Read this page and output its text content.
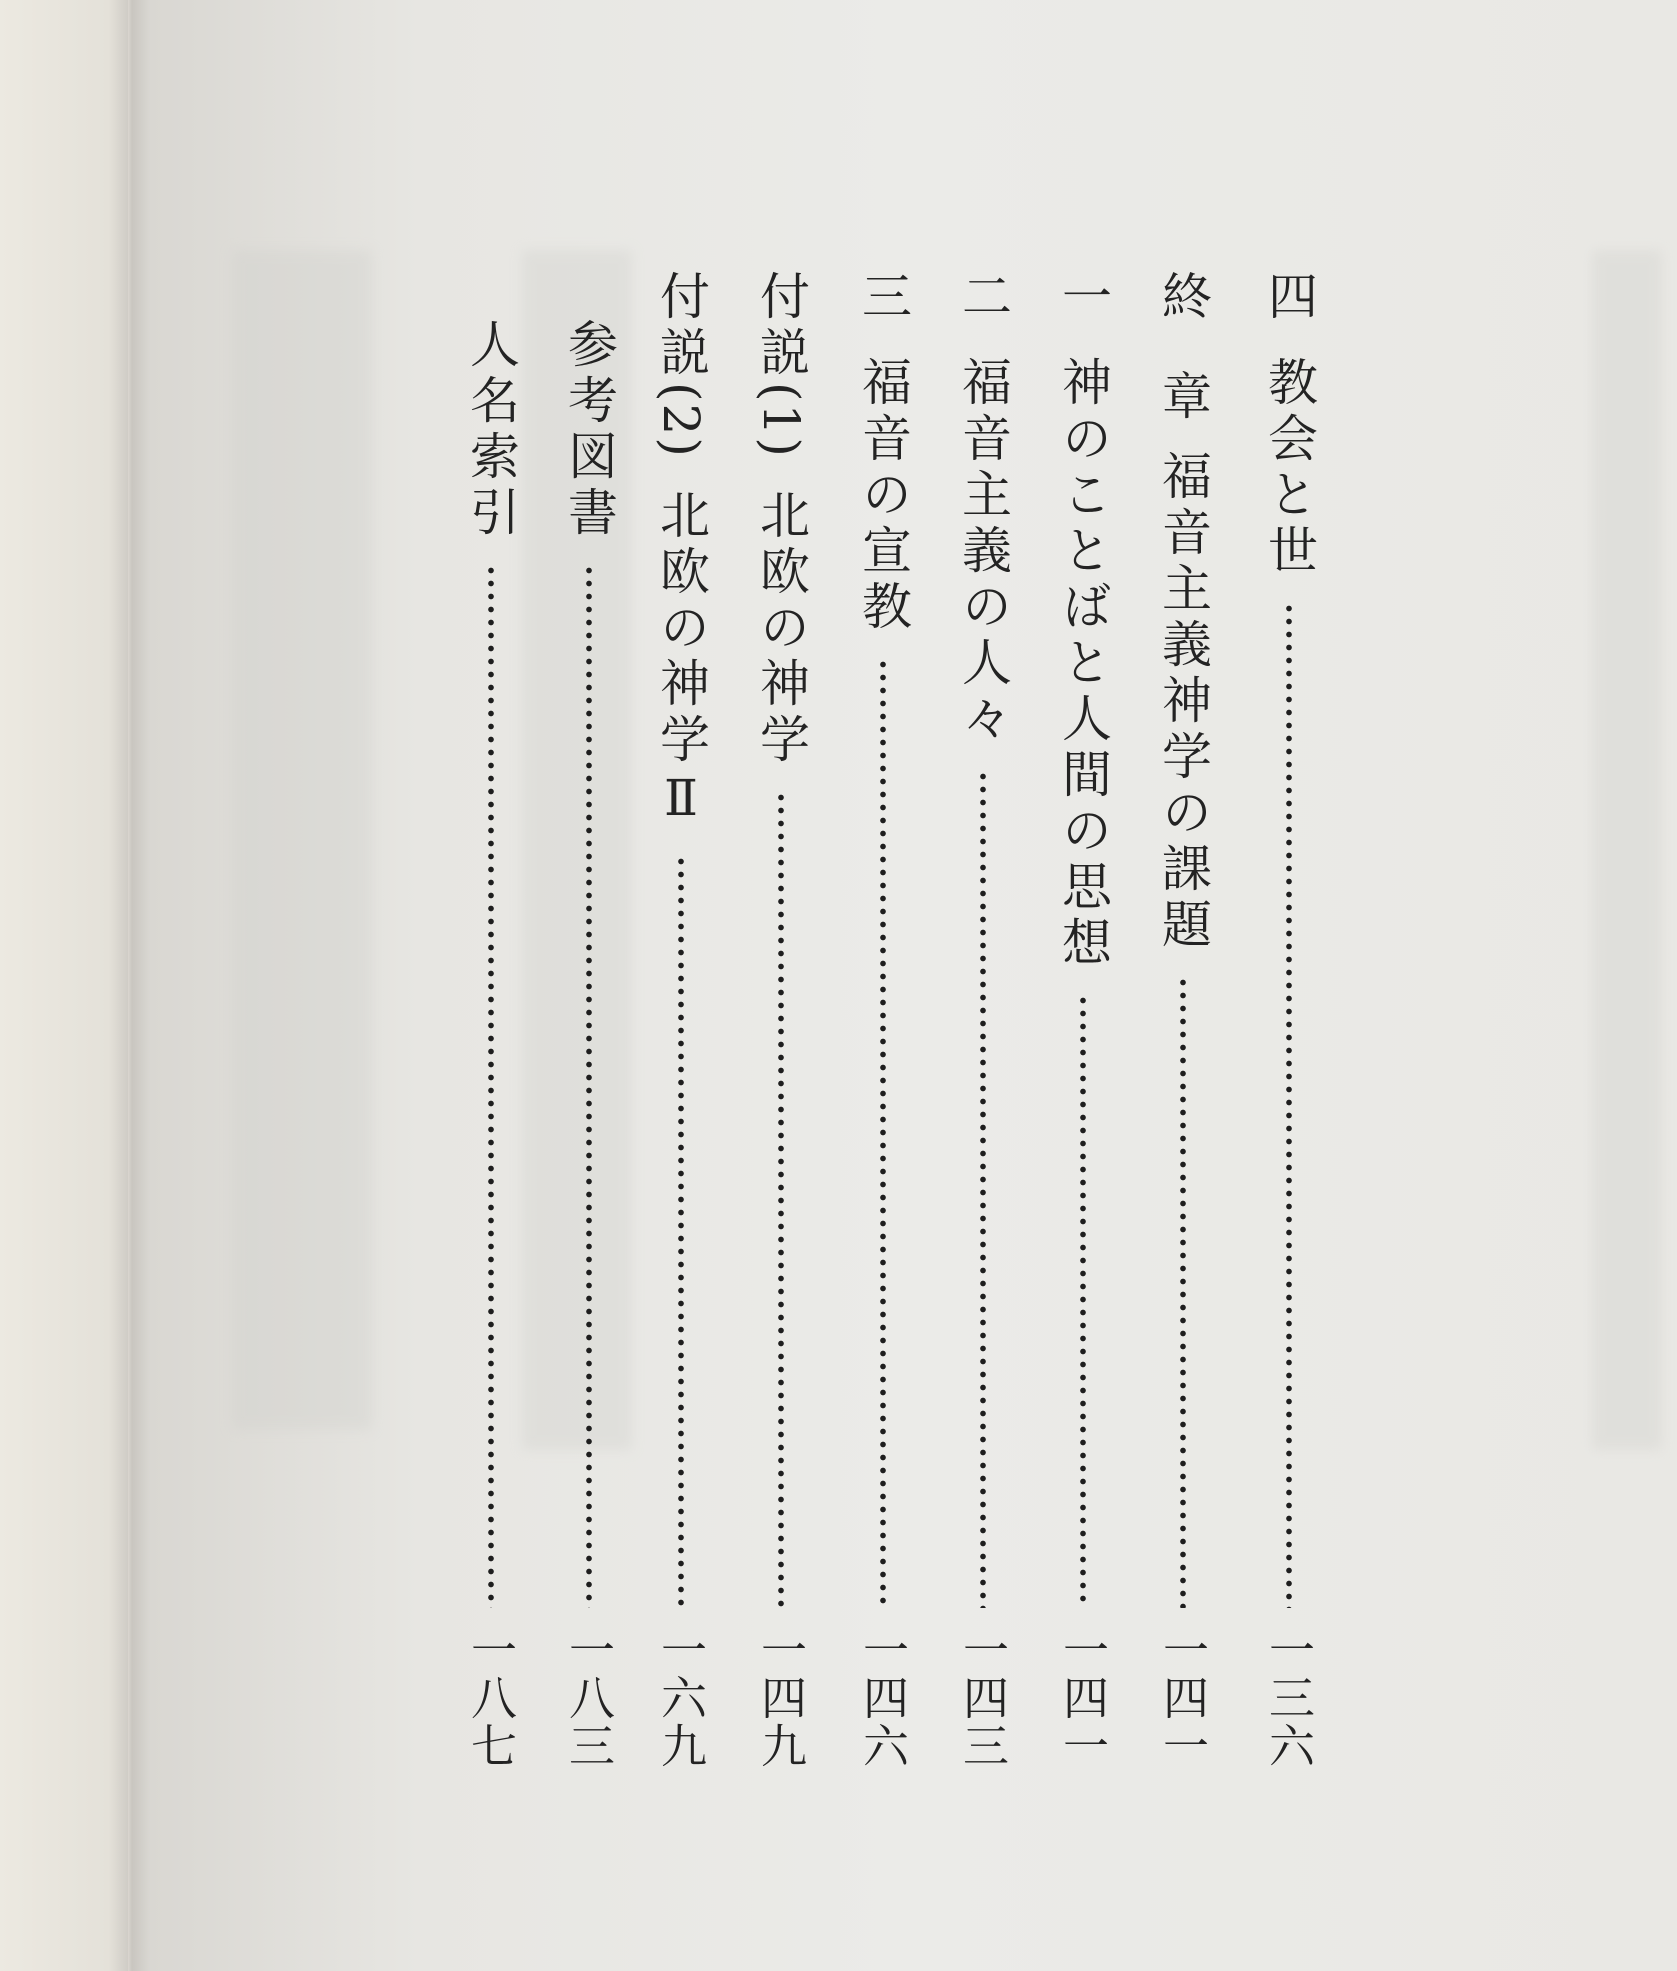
四
教会と世
一三六
終　章
福音主義神学の課題
一四一
一
神のことばと人間の思想
一四一
二
福音主義の人々
一四三
三
福音の宣教
一四六
付説(1)
北欧の神学
一四九
付説(2)
北欧の神学Ⅱ
一六九
参考図書
一八三
人名索引
一八七
